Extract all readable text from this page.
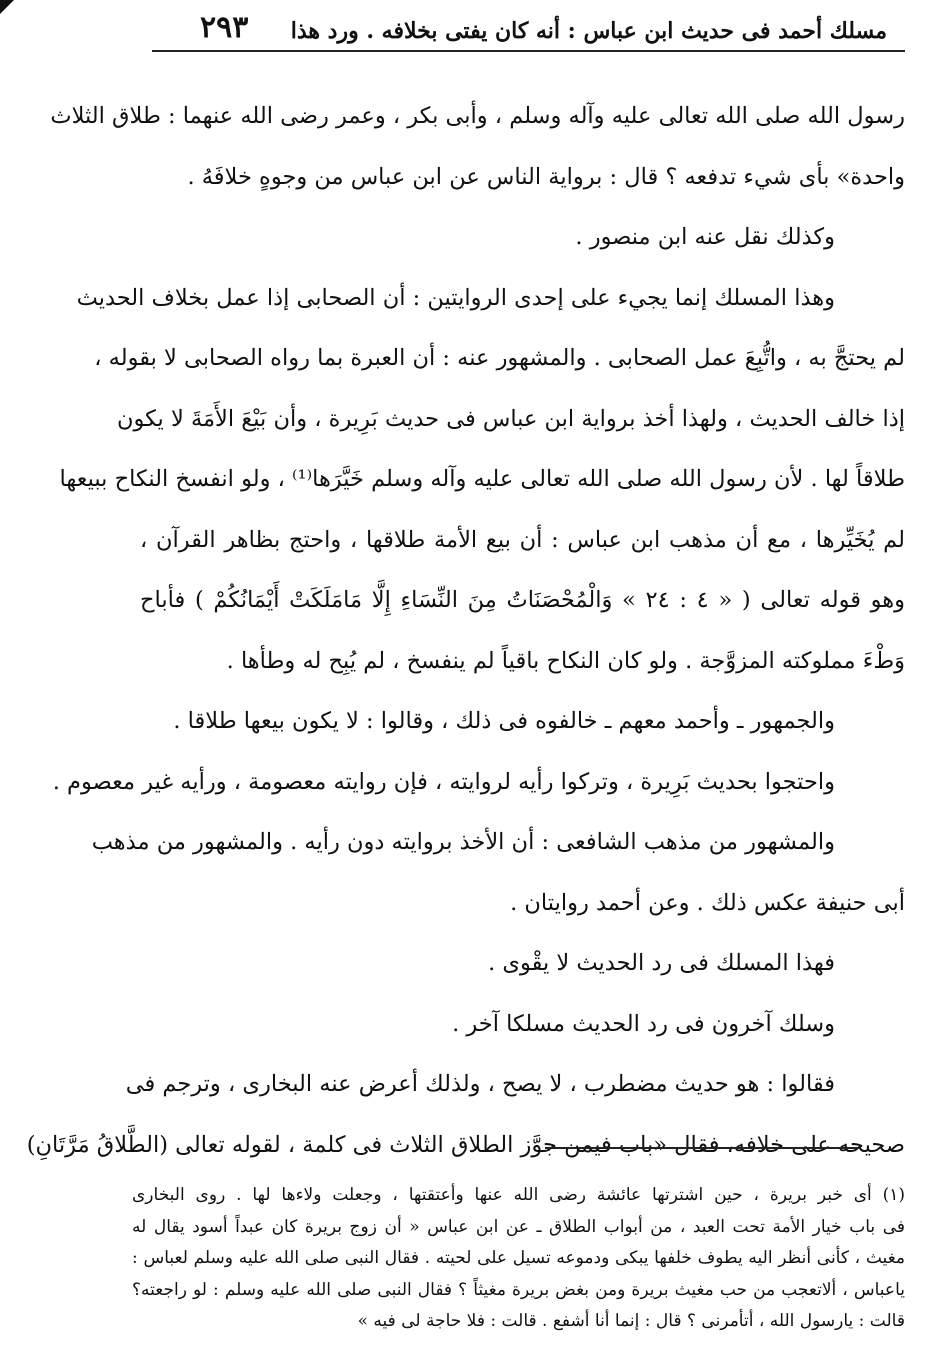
مسلك أحمد فى حديث ابن عباس : أنه كان يفتى بخلافه . ورد هذا
٢٩٣
رسول الله صلى الله تعالى عليه وآله وسلم ، وأبى بكر ، وعمر رضى الله عنهما : طلاق الثلاث
واحدة» بأى شيء تدفعه ؟ قال : برواية الناس عن ابن عباس من وجوهٍ خلافَهُ .
وكذلك نقل عنه ابن منصور .
وهذا المسلك إنما يجيء على إحدى الروايتين : أن الصحابى إذا عمل بخلاف الحديث
لم يحتجَّ به ، واتُّبِعَ عمل الصحابى . والمشهور عنه : أن العبرة بما رواه الصحابى لا بقوله ،
إذا خالف الحديث ، ولهذا أخذ برواية ابن عباس فى حديث بَرِيرة ، وأن بَيْعَ الأَمَةَ لا يكون
طلاقاً لها . لأن رسول الله صلى الله تعالى عليه وآله وسلم خَيَّرَها⁽¹⁾ ، ولو انفسخ النكاح ببيعها
لم يُخَيِّرها ، مع أن مذهب ابن عباس : أن بيع الأمة طلاقها ، واحتج بظاهر القرآن ،
وهو قوله تعالى ( « ٤ : ٢٤ » وَالْمُحْصَنَاتُ مِنَ النِّسَاءِ إِلَّا مَامَلَكَتْ أَيْمَانُكُمْ ) فأباح
وَطْءَ مملوكته المزوَّجة . ولو كان النكاح باقياً لم ينفسخ ، لم يُبِح له وطأها .
والجمهور ـ وأحمد معهم ـ خالفوه فى ذلك ، وقالوا : لا يكون بيعها طلاقا .
واحتجوا بحديث بَرِيرة ، وتركوا رأيه لروايته ، فإن روايته معصومة ، ورأيه غير معصوم .
والمشهور من مذهب الشافعى : أن الأخذ بروايته دون رأيه . والمشهور من مذهب
أبى حنيفة عكس ذلك . وعن أحمد روايتان .
فهذا المسلك فى رد الحديث لا يقْوى .
وسلك آخرون فى رد الحديث مسلكا آخر .
فقالوا : هو حديث مضطرب ، لا يصح ، ولذلك أعرض عنه البخارى ، وترجم فى
صحيحه على خلافه، فقال «باب فيمن جوَّز الطلاق الثلاث فى كلمة ، لقوله تعالى (الطَّلاقُ مَرَّتَانِ)
(١) أى خبر بريرة ، حين اشترتها عائشة رضى الله عنها وأعتقتها ، وجعلت ولاءها لها . روى البخارى
فى باب خيار الأمة تحت العبد ، من أبواب الطلاق ـ عن ابن عباس « أن زوج بريرة كان عبداً أسود يقال له
مغيث ، كأنى أنظر اليه يطوف خلفها يبكى ودموعه تسيل على لحيته . فقال النبى صلى الله عليه وسلم لعباس :
ياعباس ، ألاتعجب من حب مغيث بريرة ومن بغض بريرة مغيثاً ؟ فقال النبى صلى الله عليه وسلم : لو راجعته؟
قالت : يارسول الله ، أتأمرنى ؟ قال : إنما أنا أشفع . قالت : فلا حاجة لى فيه »
